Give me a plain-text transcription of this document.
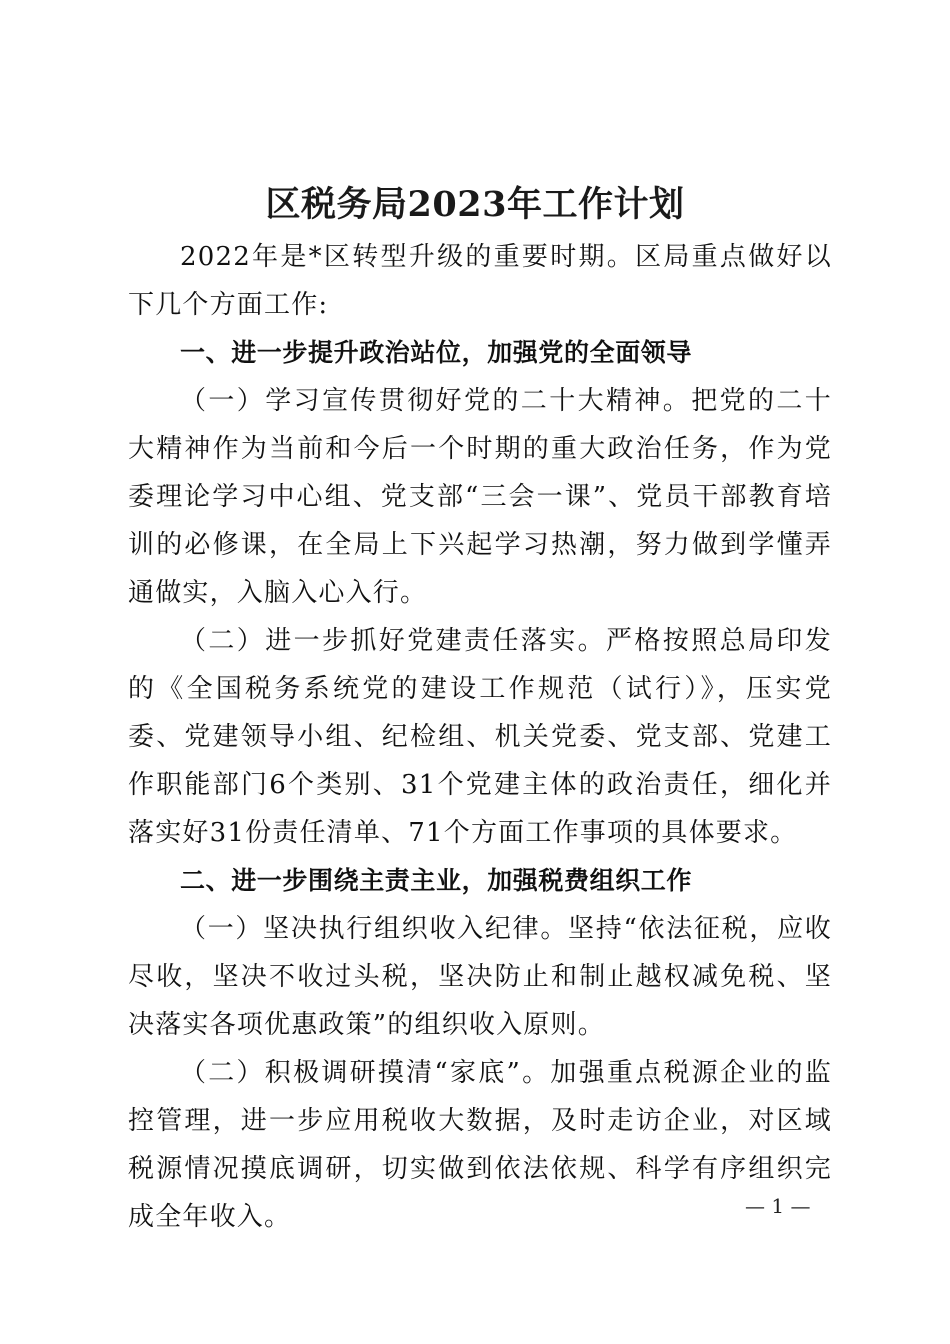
区税务局2023年工作计划

2022年是*区转型升级的重要时期。区局重点做好以下几个方面工作:

一、进一步提升政治站位，加强党的全面领导

（一）学习宣传贯彻好党的二十大精神。把党的二十大精神作为当前和今后一个时期的重大政治任务，作为党委理论学习中心组、党支部“三会一课”、党员干部教育培训的必修课，在全局上下兴起学习热潮，努力做到学懂弄通做实，入脑入心入行。

（二）进一步抓好党建责任落实。严格按照总局印发的《全国税务系统党的建设工作规范（试行）》，压实党委、党建领导小组、纪检组、机关党委、党支部、党建工作职能部门6个类别、31个党建主体的政治责任，细化并落实好31份责任清单、71个方面工作事项的具体要求。

二、进一步围绕主责主业，加强税费组织工作

（一）坚决执行组织收入纪律。坚持“依法征税，应收尽收，坚决不收过头税，坚决防止和制止越权减免税、坚决落实各项优惠政策”的组织收入原则。

（二）积极调研摸清“家底”。加强重点税源企业的监控管理，进一步应用税收大数据，及时走访企业，对区域税源情况摸底调研，切实做到依法依规、科学有序组织完成全年收入。	— 1 —
